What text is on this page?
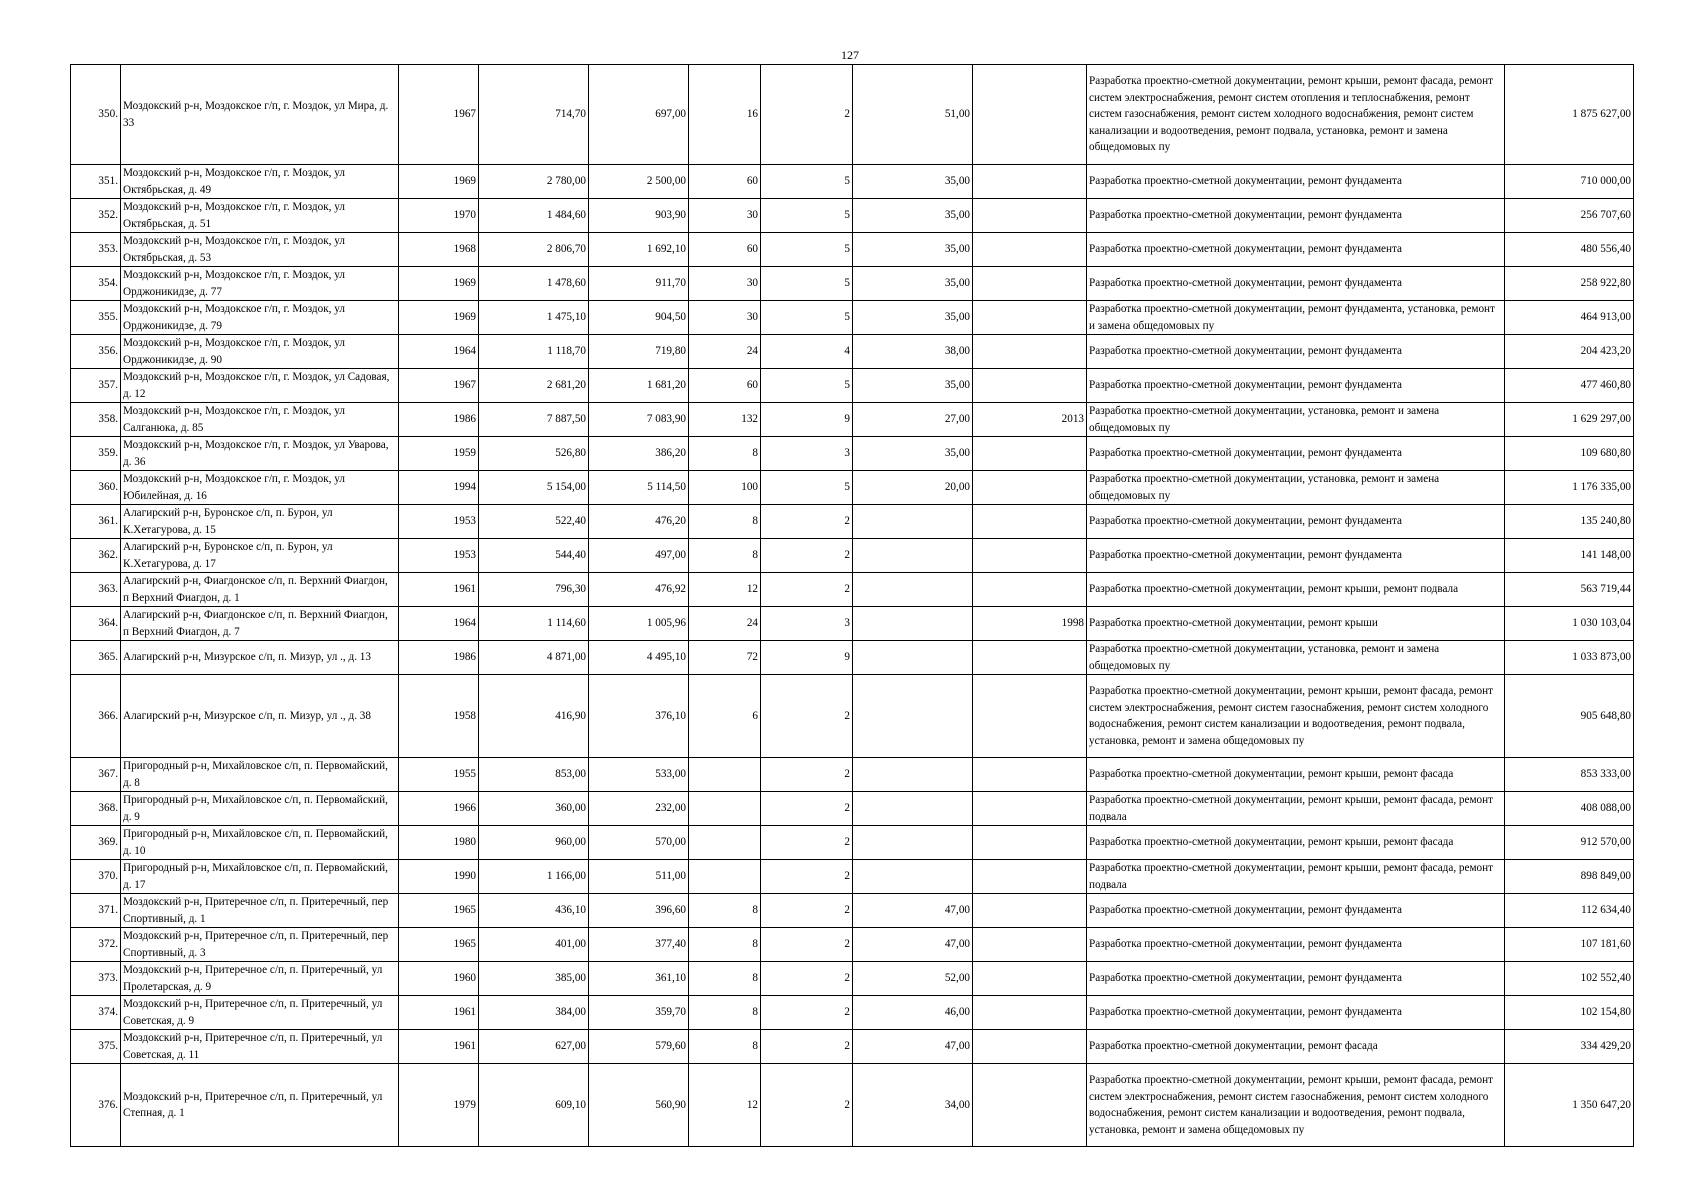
127
350.	Моздокский р-н, Моздокское г/п, г. Моздок, ул Мира, д. 33	1967	714,70	697,00	16	2	51,00		Разработка проектно-сметной документации, ремонт крыши, ремонт фасада, ремонт систем электроснабжения, ремонт систем отопления и теплоснабжения, ремонт систем газоснабжения, ремонт систем холодного водоснабжения, ремонт систем канализации и водоотведения, ремонт подвала, установка, ремонт и замена общедомовых пу	1 875 627,00
351.	Моздокский р-н, Моздокское г/п, г. Моздок, ул Октябрьская, д. 49	1969	2 780,00	2 500,00	60	5	35,00		Разработка проектно-сметной документации, ремонт фундамента	710 000,00
352.	Моздокский р-н, Моздокское г/п, г. Моздок, ул Октябрьская, д. 51	1970	1 484,60	903,90	30	5	35,00		Разработка проектно-сметной документации, ремонт фундамента	256 707,60
353.	Моздокский р-н, Моздокское г/п, г. Моздок, ул Октябрьская, д. 53	1968	2 806,70	1 692,10	60	5	35,00		Разработка проектно-сметной документации, ремонт фундамента	480 556,40
354.	Моздокский р-н, Моздокское г/п, г. Моздок, ул Орджоникидзе, д. 77	1969	1 478,60	911,70	30	5	35,00		Разработка проектно-сметной документации, ремонт фундамента	258 922,80
355.	Моздокский р-н, Моздокское г/п, г. Моздок, ул Орджоникидзе, д. 79	1969	1 475,10	904,50	30	5	35,00		Разработка проектно-сметной документации, ремонт фундамента, установка, ремонт и замена общедомовых пу	464 913,00
356.	Моздокский р-н, Моздокское г/п, г. Моздок, ул Орджоникидзе, д. 90	1964	1 118,70	719,80	24	4	38,00		Разработка проектно-сметной документации, ремонт фундамента	204 423,20
357.	Моздокский р-н, Моздокское г/п, г. Моздок, ул Садовая, д. 12	1967	2 681,20	1 681,20	60	5	35,00		Разработка проектно-сметной документации, ремонт фундамента	477 460,80
358.	Моздокский р-н, Моздокское г/п, г. Моздок, ул Салганюка, д. 85	1986	7 887,50	7 083,90	132	9	27,00	2013	Разработка проектно-сметной документации, установка, ремонт и замена общедомовых пу	1 629 297,00
359.	Моздокский р-н, Моздокское г/п, г. Моздок, ул Уварова, д. 36	1959	526,80	386,20	8	3	35,00		Разработка проектно-сметной документации, ремонт фундамента	109 680,80
360.	Моздокский р-н, Моздокское г/п, г. Моздок, ул Юбилейная, д. 16	1994	5 154,00	5 114,50	100	5	20,00		Разработка проектно-сметной документации, установка, ремонт и замена общедомовых пу	1 176 335,00
361.	Алагирский р-н, Буронское с/п, п. Бурон, ул К.Хетагурова, д. 15	1953	522,40	476,20	8	2			Разработка проектно-сметной документации, ремонт фундамента	135 240,80
362.	Алагирский р-н, Буронское с/п, п. Бурон, ул К.Хетагурова, д. 17	1953	544,40	497,00	8	2			Разработка проектно-сметной документации, ремонт фундамента	141 148,00
363.	Алагирский р-н, Фиагдонское с/п, п. Верхний Фиагдон, п Верхний Фиагдон, д. 1	1961	796,30	476,92	12	2			Разработка проектно-сметной документации, ремонт крыши, ремонт подвала	563 719,44
364.	Алагирский р-н, Фиагдонское с/п, п. Верхний Фиагдон, п Верхний Фиагдон, д. 7	1964	1 114,60	1 005,96	24	3		1998	Разработка проектно-сметной документации, ремонт крыши	1 030 103,04
365.	Алагирский р-н, Мизурское с/п, п. Мизур, ул ., д. 13	1986	4 871,00	4 495,10	72	9			Разработка проектно-сметной документации, установка, ремонт и замена общедомовых пу	1 033 873,00
366.	Алагирский р-н, Мизурское с/п, п. Мизур, ул ., д. 38	1958	416,90	376,10	6	2			Разработка проектно-сметной документации, ремонт крыши, ремонт фасада, ремонт систем электроснабжения, ремонт систем газоснабжения, ремонт систем холодного водоснабжения, ремонт систем канализации и водоотведения, ремонт подвала, установка, ремонт и замена общедомовых пу	905 648,80
367.	Пригородный р-н, Михайловское с/п, п. Первомайский, д. 8	1955	853,00	533,00		2			Разработка проектно-сметной документации, ремонт крыши, ремонт фасада	853 333,00
368.	Пригородный р-н, Михайловское с/п, п. Первомайский, д. 9	1966	360,00	232,00		2			Разработка проектно-сметной документации, ремонт крыши, ремонт фасада, ремонт подвала	408 088,00
369.	Пригородный р-н, Михайловское с/п, п. Первомайский, д. 10	1980	960,00	570,00		2			Разработка проектно-сметной документации, ремонт крыши, ремонт фасада	912 570,00
370.	Пригородный р-н, Михайловское с/п, п. Первомайский, д. 17	1990	1 166,00	511,00		2			Разработка проектно-сметной документации, ремонт крыши, ремонт фасада, ремонт подвала	898 849,00
371.	Моздокский р-н, Притеречное с/п, п. Притеречный, пер Спортивный, д. 1	1965	436,10	396,60	8	2	47,00		Разработка проектно-сметной документации, ремонт фундамента	112 634,40
372.	Моздокский р-н, Притеречное с/п, п. Притеречный, пер Спортивный, д. 3	1965	401,00	377,40	8	2	47,00		Разработка проектно-сметной документации, ремонт фундамента	107 181,60
373.	Моздокский р-н, Притеречное с/п, п. Притеречный, ул Пролетарская, д. 9	1960	385,00	361,10	8	2	52,00		Разработка проектно-сметной документации, ремонт фундамента	102 552,40
374.	Моздокский р-н, Притеречное с/п, п. Притеречный, ул Советская, д. 9	1961	384,00	359,70	8	2	46,00		Разработка проектно-сметной документации, ремонт фундамента	102 154,80
375.	Моздокский р-н, Притеречное с/п, п. Притеречный, ул Советская, д. 11	1961	627,00	579,60	8	2	47,00		Разработка проектно-сметной документации, ремонт фасада	334 429,20
376.	Моздокский р-н, Притеречное с/п, п. Притеречный, ул Степная, д. 1	1979	609,10	560,90	12	2	34,00		Разработка проектно-сметной документации, ремонт крыши, ремонт фасада, ремонт систем электроснабжения, ремонт систем газоснабжения, ремонт систем холодного водоснабжения, ремонт систем канализации и водоотведения, ремонт подвала, установка, ремонт и замена общедомовых пу	1 350 647,20
